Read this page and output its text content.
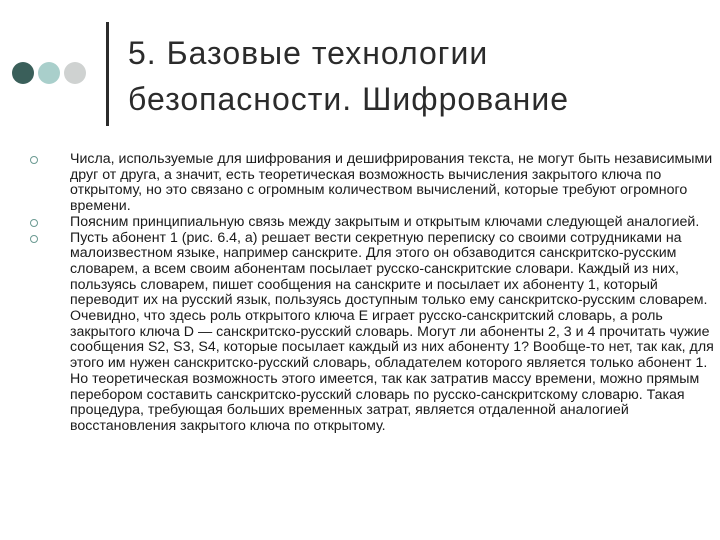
5. Базовые технологии
безопасности. Шифрование
Числа, используемые для шифрования и дешифрирования текста, не могут быть независимыми друг от друга, а значит, есть теоретическая возможность вычисления закрытого ключа по открытому, но это связано с огромным количеством вычислений, которые требуют огромного времени.
Поясним принципиальную связь между закрытым и открытым ключами следующей аналогией.
Пусть абонент 1 (рис. 6.4, а) решает вести секретную переписку со своими сотрудниками на малоизвестном языке, например санскрите. Для этого он обзаводится санскритско-русским словарем, а всем своим абонентам посылает русско-санскритские словари. Каждый из них, пользуясь словарем, пишет сообщения на санскрите и посылает их абоненту 1, который переводит их на русский язык, пользуясь доступным только ему санскритско-русским словарем. Очевидно, что здесь роль открытого ключа Е играет русско-санскритский словарь, а роль закрытого ключа D — санскритско-русский словарь. Могут ли абоненты 2, 3 и 4 прочитать чужие сообщения S2, S3, S4, которые посылает каждый из них абоненту 1? Вообще-то нет, так как, для этого им нужен санскритско-русский словарь, обладателем которого является только абонент 1. Но теоретическая возможность этого имеется, так как затратив массу времени, можно прямым перебором составить санскритско-русский словарь по русско-санскритскому словарю. Такая процедура, требующая больших временных затрат, является отдаленной аналогией восстановления закрытого ключа по открытому.
